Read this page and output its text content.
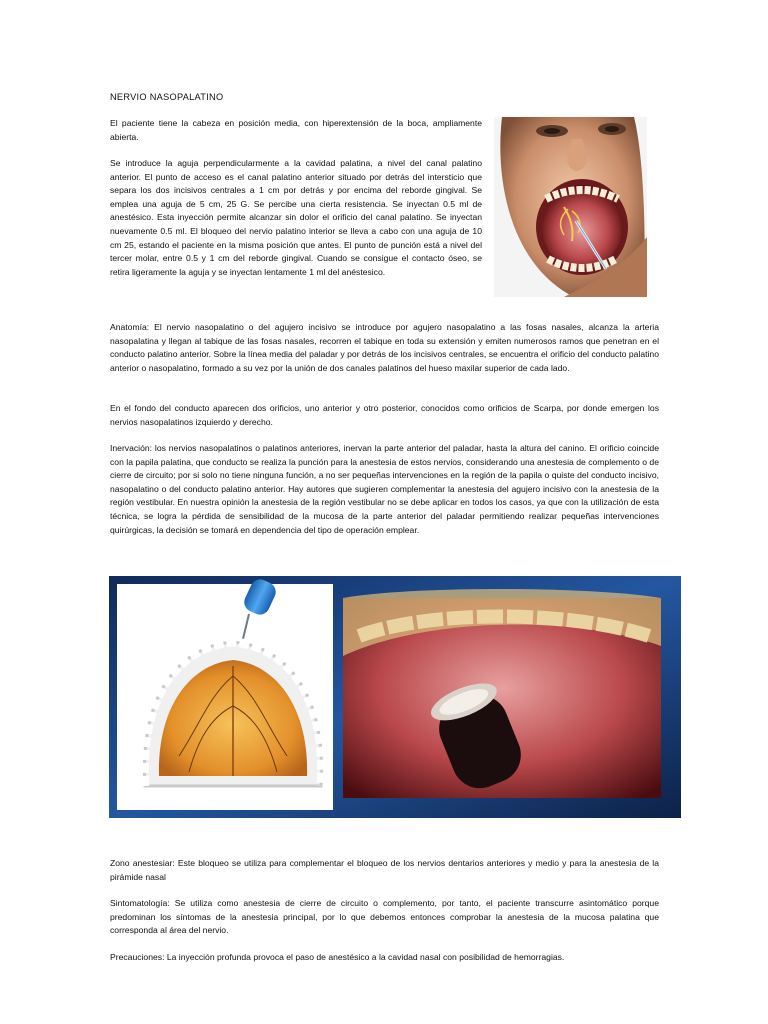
NERVIO NASOPALATINO

El paciente tiene la cabeza en posición media, con hiperextensión de la boca, ampliamente abierta.

Se introduce la aguja perpendicularmente a la cavidad palatina, a nivel del canal palatino anterior. El punto de acceso es el canal palatino anterior situado por detrás del intersticio que separa los dos incisivos centrales a 1 cm por detrás y por encima del reborde gingival. Se emplea una aguja de 5 cm, 25 G. Se percibe una cierta resistencia. Se inyectan 0.5 ml de anestésico. Esta inyección permite alcanzar sin dolor el orificio del canal palatino. Se inyectan nuevamente 0.5 ml. El bloqueo del nervio palatino interior se lleva a cabo con una aguja de 10 cm 25, estando el paciente en la misma posición que antes. El punto de punción está a nivel del tercer molar, entre 0.5 y 1 cm del reborde gingival. Cuando se consigue el contacto óseo, se retira ligeramente la aguja y se inyectan lentamente 1 ml del anéstesico.

Anatomía: El nervio nasopalatino o del agujero incisivo se introduce por agujero nasopalatino a las fosas nasales, alcanza la arteria nasopalatina y llegan al tabique de las fosas nasales, recorren el tabique en toda su extensión y emiten numerosos ramos que penetran en el conducto palatino anterior. Sobre la línea media del paladar y por detrás de los incisivos centrales, se encuentra el orificio del conducto palatino anterior o nasopalatino, formado a su vez por la unión de dos canales palatinos del hueso maxilar superior de cada lado.

En el fondo del conducto aparecen dos orificios, uno anterior y otro posterior, conocidos como orificios de Scarpa, por donde emergen los nervios nasopalatinos izquierdo y derecho.

Inervación: los nervios nasopalatinos o palatinos anteriores, inervan la parte anterior del paladar, hasta la altura del canino. El orificio coincide con la papila palatina, que conducto se realiza la punción para la anestesia de estos nervios, considerando una anestesia de complemento o de cierre de circuito; por si solo no tiene ninguna función, a no ser pequeñas intervenciones en la región de la papila o quiste del conducto incisivo, nasopalatino o del conducto palatino anterior. Hay autores que sugieren complementar la anestesia del agujero incisivo con la anestesia de la región vestibular. En nuestra opinión la anestesia de la región vestibular no se debe aplicar en todos los casos, ya que con la utilización de esta técnica, se logra la pérdida de sensibilidad de la mucosa de la parte anterior del paladar permitiendo realizar pequeñas intervenciones quirúrgicas, la decisión se tomará en dependencia del tipo de operación emplear.

Zono anestesiar: Este bloqueo se utiliza para complementar el bloqueo de los nervios dentarios anteriores y medio y para la anestesia de la pirámide nasal

Sintomatología: Se utiliza como anestesia de cierre de circuito o complemento, por tanto, el paciente transcurre asintomático porque predominan los síntomas de la anestesia principal, por lo que debemos entonces comprobar la anestesia de la mucosa palatina que corresponda al área del nervio.

Precauciones: La inyección profunda provoca el paso de anestésico a la cavidad nasal con posibilidad de hemorragias.
